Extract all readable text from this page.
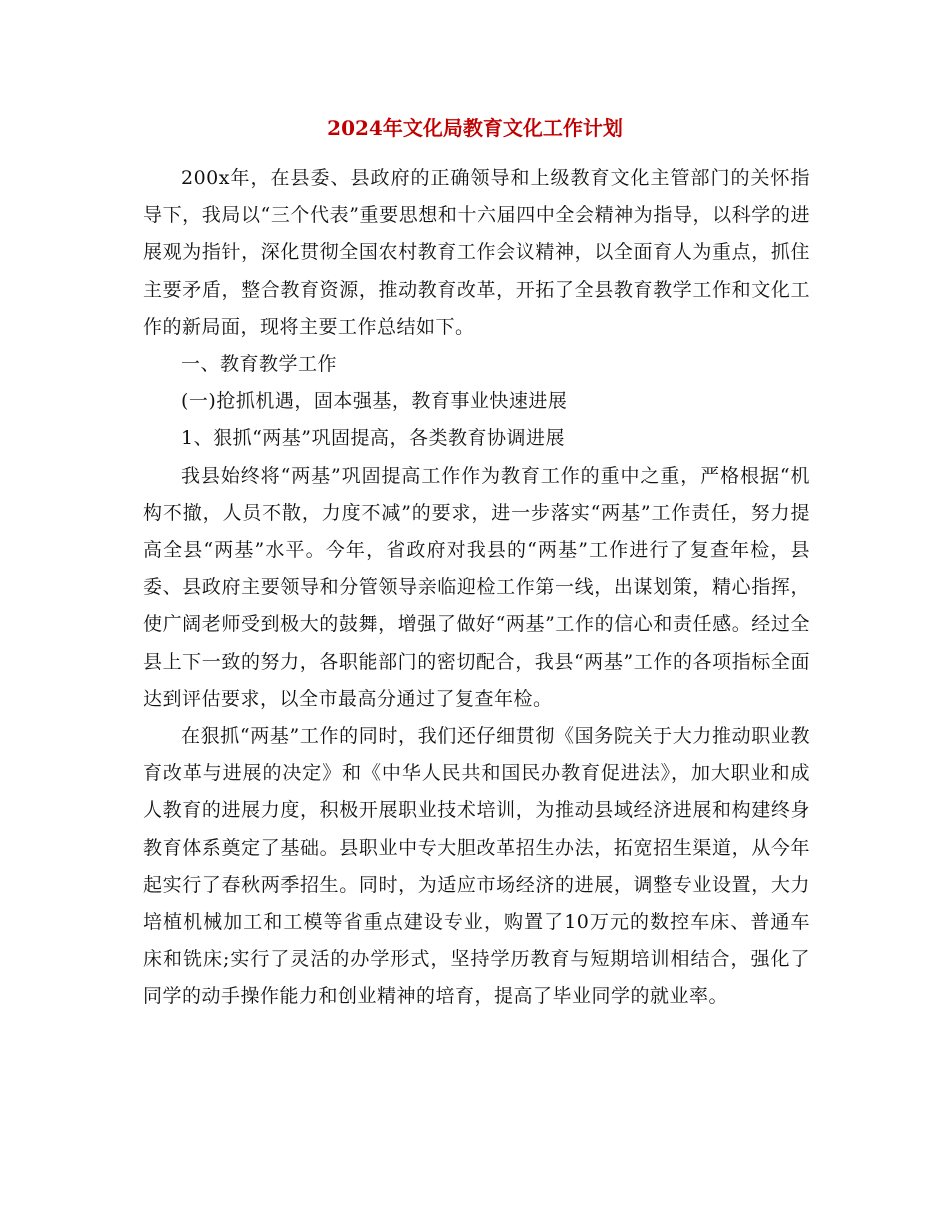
2024年文化局教育文化工作计划

200x年，在县委、县政府的正确领导和上级教育文化主管部门的关怀指导下，我局以“三个代表”重要思想和十六届四中全会精神为指导，以科学的进展观为指针，深化贯彻全国农村教育工作会议精神，以全面育人为重点，抓住主要矛盾，整合教育资源，推动教育改革，开拓了全县教育教学工作和文化工作的新局面，现将主要工作总结如下。

一、教育教学工作

(一)抢抓机遇，固本强基，教育事业快速进展

1、狠抓“两基”巩固提高，各类教育协调进展

我县始终将“两基”巩固提高工作作为教育工作的重中之重，严格根据“机构不撤，人员不散，力度不减”的要求，进一步落实“两基”工作责任，努力提高全县“两基”水平。今年，省政府对我县的“两基”工作进行了复查年检，县委、县政府主要领导和分管领导亲临迎检工作第一线，出谋划策，精心指挥，使广阔老师受到极大的鼓舞，增强了做好“两基”工作的信心和责任感。经过全县上下一致的努力，各职能部门的密切配合，我县“两基”工作的各项指标全面达到评估要求，以全市最高分通过了复查年检。

在狠抓“两基”工作的同时，我们还仔细贯彻《国务院关于大力推动职业教育改革与进展的决定》和《中华人民共和国民办教育促进法》，加大职业和成人教育的进展力度，积极开展职业技术培训，为推动县域经济进展和构建终身教育体系奠定了基础。县职业中专大胆改革招生办法，拓宽招生渠道，从今年起实行了春秋两季招生。同时，为适应市场经济的进展，调整专业设置，大力培植机械加工和工模等省重点建设专业，购置了10万元的数控车床、普通车床和铣床;实行了灵活的办学形式，坚持学历教育与短期培训相结合，强化了同学的动手操作能力和创业精神的培育，提高了毕业同学的就业率。
